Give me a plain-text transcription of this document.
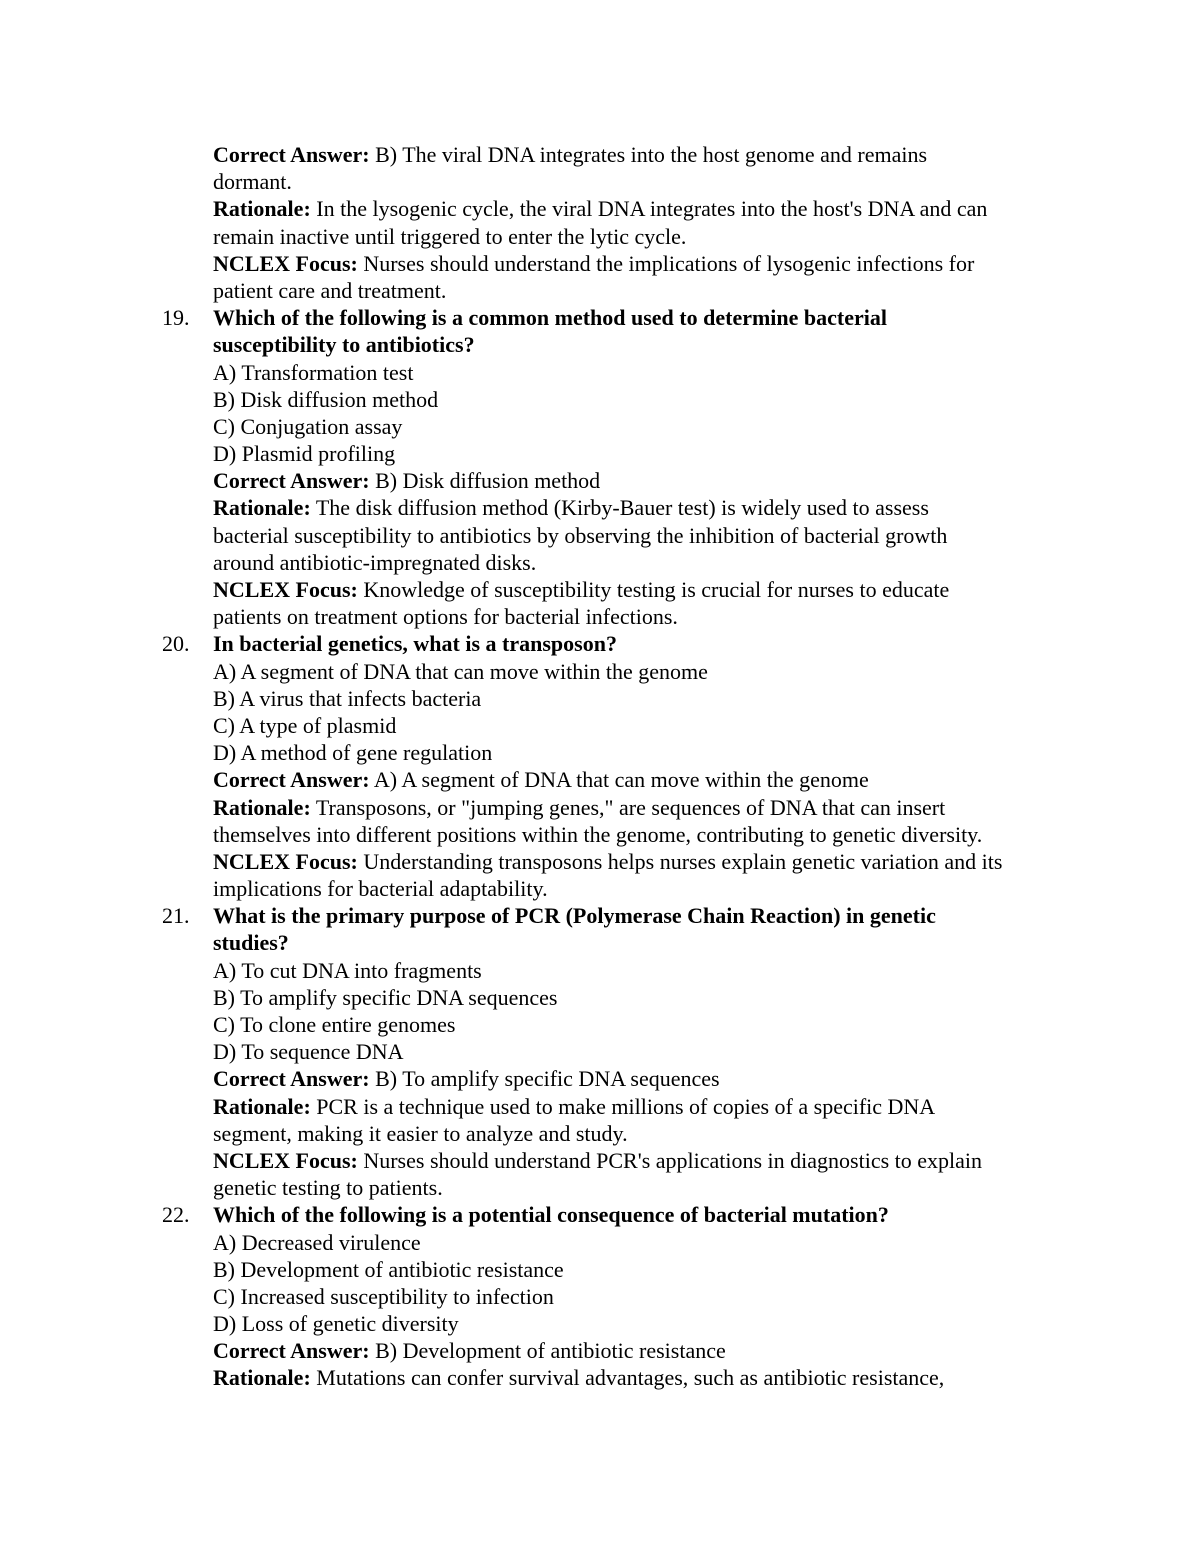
Correct Answer: B) The viral DNA integrates into the host genome and remains
dormant.
Rationale: In the lysogenic cycle, the viral DNA integrates into the host's DNA and can
remain inactive until triggered to enter the lytic cycle.
NCLEX Focus: Nurses should understand the implications of lysogenic infections for
patient care and treatment.
19. Which of the following is a common method used to determine bacterial
susceptibility to antibiotics?
A) Transformation test
B) Disk diffusion method
C) Conjugation assay
D) Plasmid profiling
Correct Answer: B) Disk diffusion method
Rationale: The disk diffusion method (Kirby-Bauer test) is widely used to assess
bacterial susceptibility to antibiotics by observing the inhibition of bacterial growth
around antibiotic-impregnated disks.
NCLEX Focus: Knowledge of susceptibility testing is crucial for nurses to educate
patients on treatment options for bacterial infections.
20. In bacterial genetics, what is a transposon?
A) A segment of DNA that can move within the genome
B) A virus that infects bacteria
C) A type of plasmid
D) A method of gene regulation
Correct Answer: A) A segment of DNA that can move within the genome
Rationale: Transposons, or "jumping genes," are sequences of DNA that can insert
themselves into different positions within the genome, contributing to genetic diversity.
NCLEX Focus: Understanding transposons helps nurses explain genetic variation and its
implications for bacterial adaptability.
21. What is the primary purpose of PCR (Polymerase Chain Reaction) in genetic
studies?
A) To cut DNA into fragments
B) To amplify specific DNA sequences
C) To clone entire genomes
D) To sequence DNA
Correct Answer: B) To amplify specific DNA sequences
Rationale: PCR is a technique used to make millions of copies of a specific DNA
segment, making it easier to analyze and study.
NCLEX Focus: Nurses should understand PCR's applications in diagnostics to explain
genetic testing to patients.
22. Which of the following is a potential consequence of bacterial mutation?
A) Decreased virulence
B) Development of antibiotic resistance
C) Increased susceptibility to infection
D) Loss of genetic diversity
Correct Answer: B) Development of antibiotic resistance
Rationale: Mutations can confer survival advantages, such as antibiotic resistance,
